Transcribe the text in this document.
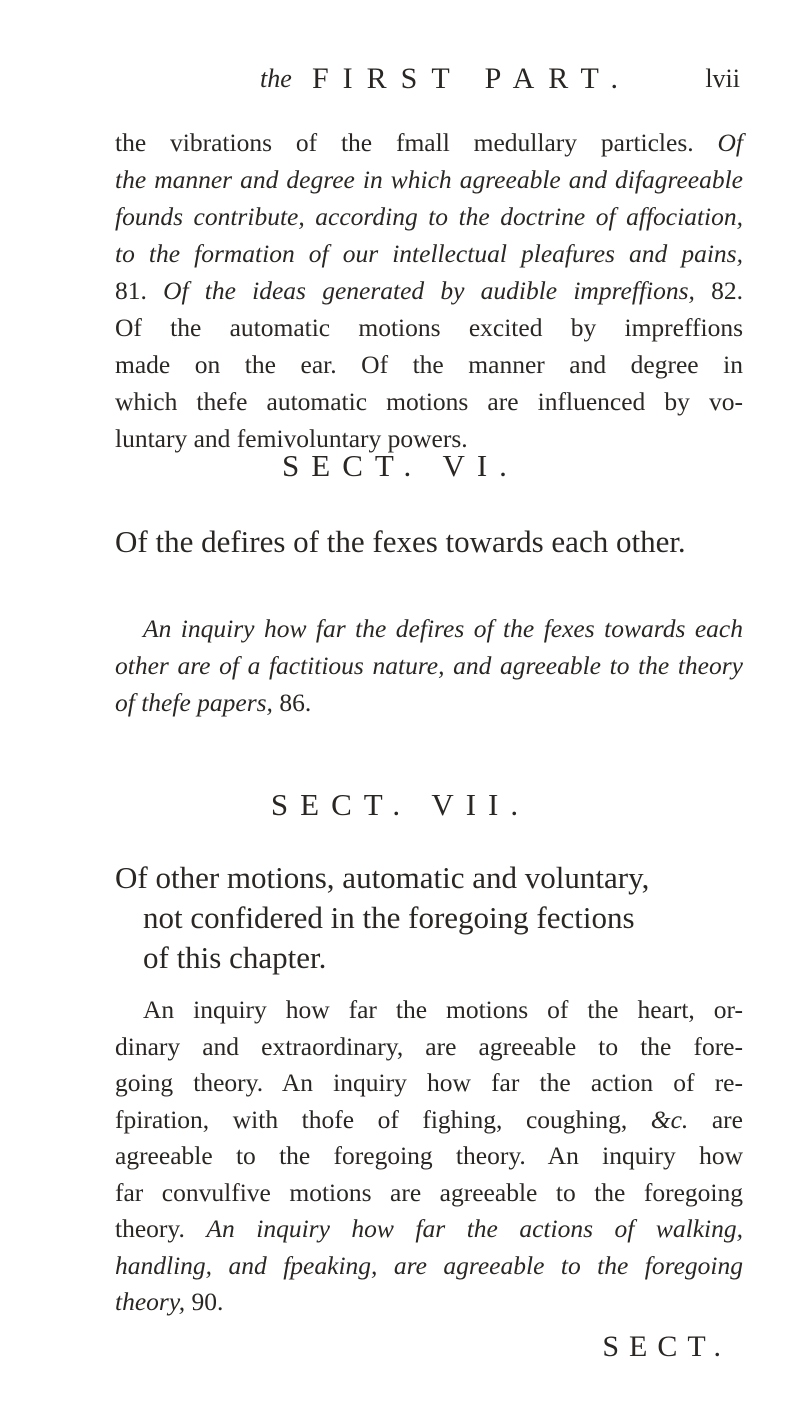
the FIRST PART.	lvii
the vibrations of the fmall medullary particles. Of
the manner and degree in which agreeable and difagreeable
founds contribute, according to the doctrine of affociation,
to the formation of our intellectual pleafures and pains,
81. Of the ideas generated by audible impreffions, 82.
Of the automatic motions excited by impreffions
made on the ear. Of the manner and degree in
which thefe automatic motions are influenced by vo-
luntary and femivoluntary powers.
SECT. VI.
Of the defires of the fexes towards each other.
An inquiry how far the defires of the fexes towards each
other are of a factitious nature, and agreeable to the theory
of thefe papers, 86.
SECT. VII.
Of other motions, automatic and voluntary,
not confidered in the foregoing fections
of this chapter.
An inquiry how far the motions of the heart, or-
dinary and extraordinary, are agreeable to the fore-
going theory. An inquiry how far the action of re-
fpiration, with thofe of fighing, coughing, &c. are
agreeable to the foregoing theory. An inquiry how
far convulfive motions are agreeable to the foregoing
theory. An inquiry how far the actions of walking,
handling, and fpeaking, are agreeable to the foregoing
theory, 90.
SECT.
